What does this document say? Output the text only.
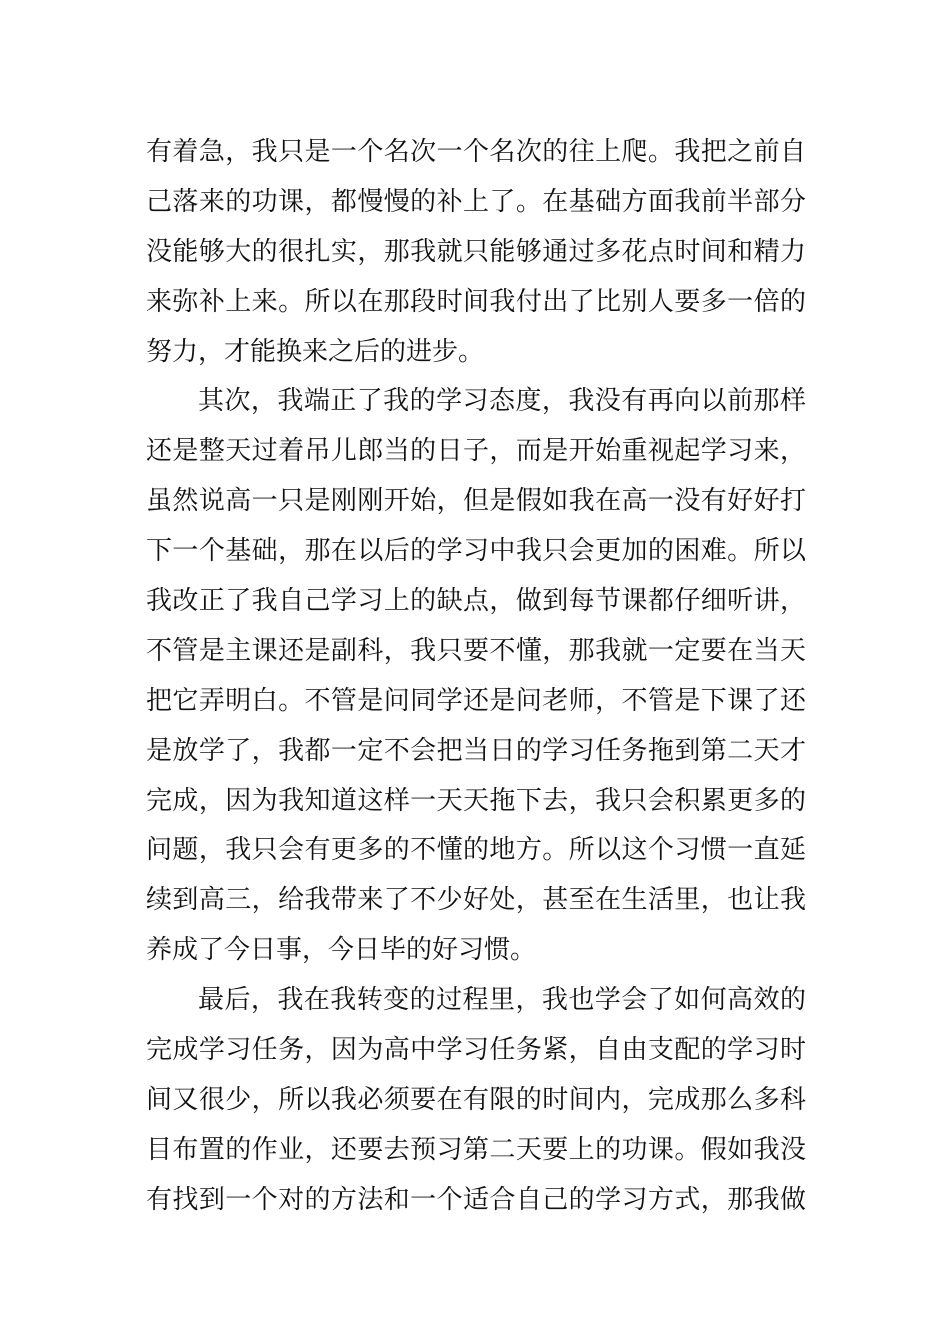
有着急，我只是一个名次一个名次的往上爬。我把之前自
己落来的功课，都慢慢的补上了。在基础方面我前半部分
没能够大的很扎实，那我就只能够通过多花点时间和精力
来弥补上来。所以在那段时间我付出了比别人要多一倍的
努力，才能换来之后的进步。
其次，我端正了我的学习态度，我没有再向以前那样
还是整天过着吊儿郎当的日子，而是开始重视起学习来，
虽然说高一只是刚刚开始，但是假如我在高一没有好好打
下一个基础，那在以后的学习中我只会更加的困难。所以
我改正了我自己学习上的缺点，做到每节课都仔细听讲，
不管是主课还是副科，我只要不懂，那我就一定要在当天
把它弄明白。不管是问同学还是问老师，不管是下课了还
是放学了，我都一定不会把当日的学习任务拖到第二天才
完成，因为我知道这样一天天拖下去，我只会积累更多的
问题，我只会有更多的不懂的地方。所以这个习惯一直延
续到高三，给我带来了不少好处，甚至在生活里，也让我
养成了今日事，今日毕的好习惯。
最后，我在我转变的过程里，我也学会了如何高效的
完成学习任务，因为高中学习任务紧，自由支配的学习时
间又很少，所以我必须要在有限的时间内，完成那么多科
目布置的作业，还要去预习第二天要上的功课。假如我没
有找到一个对的方法和一个适合自己的学习方式，那我做
